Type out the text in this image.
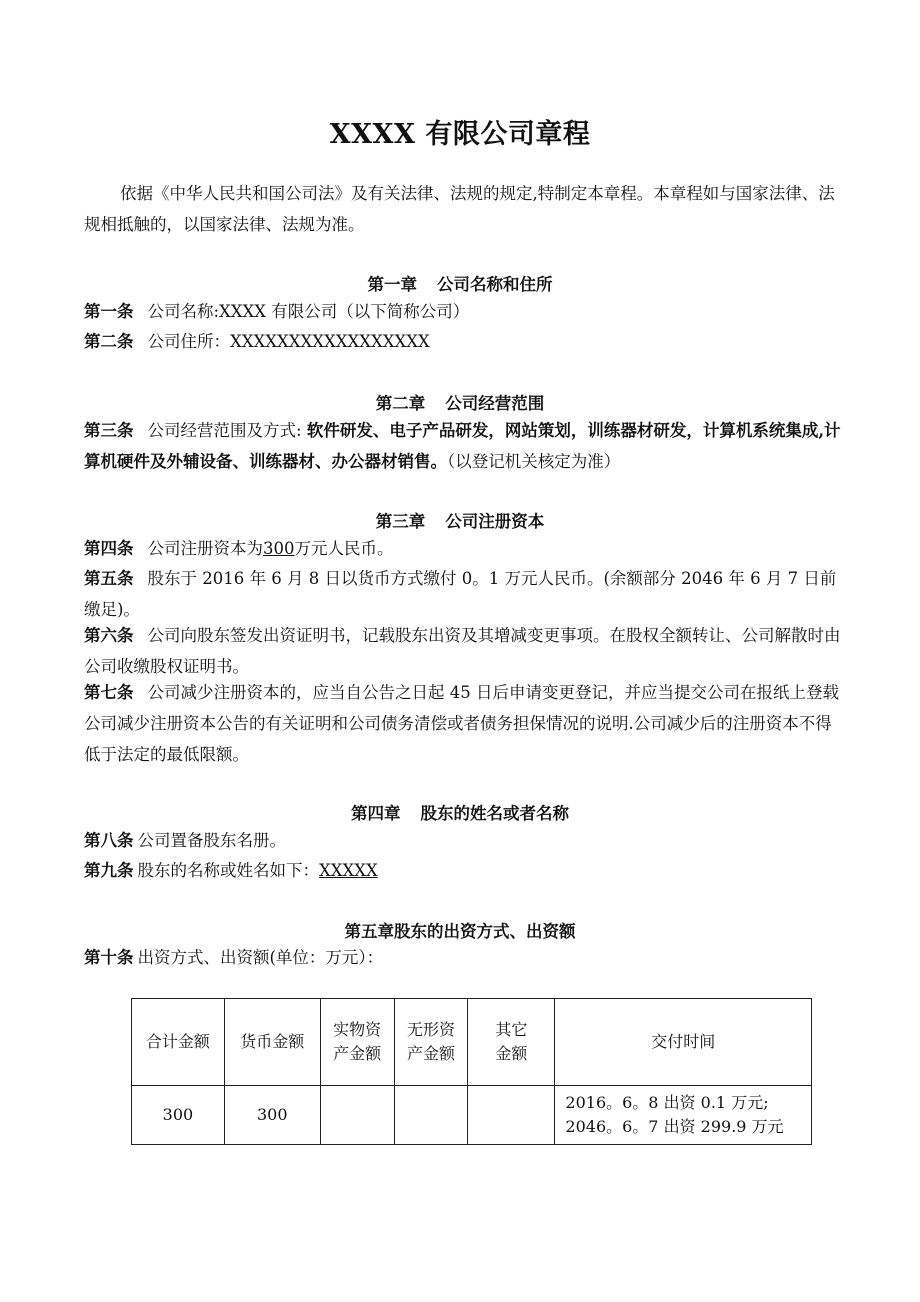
XXXX 有限公司章程

依据《中华人民共和国公司法》及有关法律、法规的规定,特制定本章程。本章程如与国家法律、法规相抵触的，以国家法律、法规为准。

第一章 公司名称和住所

第一条 公司名称:XXXX 有限公司（以下简称公司）

第二条 公司住所：XXXXXXXXXXXXXXXXX

第二章 公司经营范围

第三条 公司经营范围及方式: 软件研发、电子产品研发，网站策划，训练器材研发，计算机系统集成,计算机硬件及外辅设备、训练器材、办公器材销售。（以登记机关核定为准）

第三章 公司注册资本

第四条 公司注册资本为300万元人民币。

第五条 股东于 2016 年 6 月 8 日以货币方式缴付 0。1 万元人民币。(余额部分 2046 年 6 月 7 日前缴足)。

第六条 公司向股东签发出资证明书，记载股东出资及其增减变更事项。在股权全额转让、公司解散时由公司收缴股权证明书。

第七条 公司减少注册资本的，应当自公告之日起 45 日后申请变更登记，并应当提交公司在报纸上登载公司减少注册资本公告的有关证明和公司债务清偿或者债务担保情况的说明.公司减少后的注册资本不得低于法定的最低限额。

第四章 股东的姓名或者名称

第八条 公司置备股东名册。

第九条 股东的名称或姓名如下：XXXXX

第五章股东的出资方式、出资额

第十条 出资方式、出资额(单位：万元）：

合计金额	货币金额	实物资产金额	无形资产金额	其它金额	交付时间
300	300				2016。6。8 出资 0.1 万元;
2046。6。7 出资 299.9 万元
